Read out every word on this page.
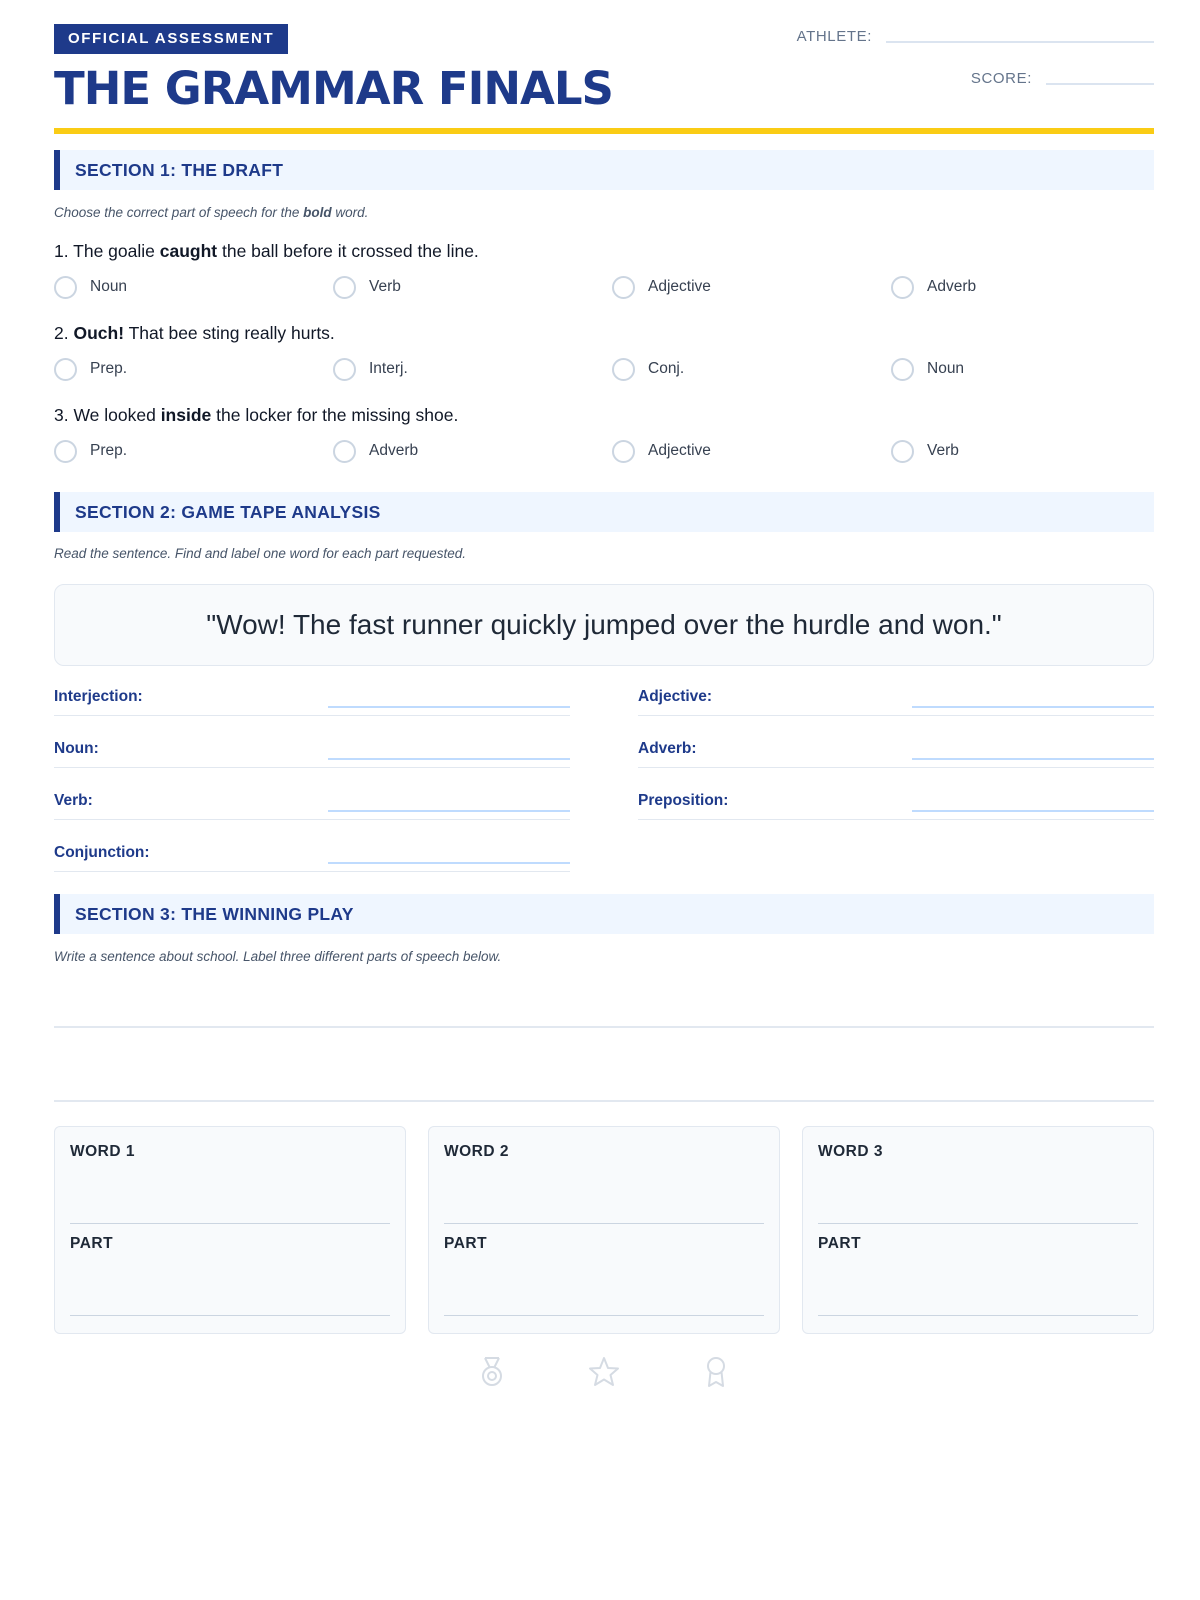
OFFICIAL ASSESSMENT
THE GRAMMAR FINALS
ATHLETE:
SCORE:
SECTION 1: THE DRAFT
Choose the correct part of speech for the bold word.
1. The goalie caught the ball before it crossed the line.
Noun	Verb	Adjective	Adverb
2. Ouch! That bee sting really hurts.
Prep.	Interj.	Conj.	Noun
3. We looked inside the locker for the missing shoe.
Prep.	Adverb	Adjective	Verb
SECTION 2: GAME TAPE ANALYSIS
Read the sentence. Find and label one word for each part requested.
"Wow! The fast runner quickly jumped over the hurdle and won."
Interjection:
Noun:
Verb:
Conjunction:
Adjective:
Adverb:
Preposition:
SECTION 3: THE WINNING PLAY
Write a sentence about school. Label three different parts of speech below.
WORD 1
PART
WORD 2
PART
WORD 3
PART
